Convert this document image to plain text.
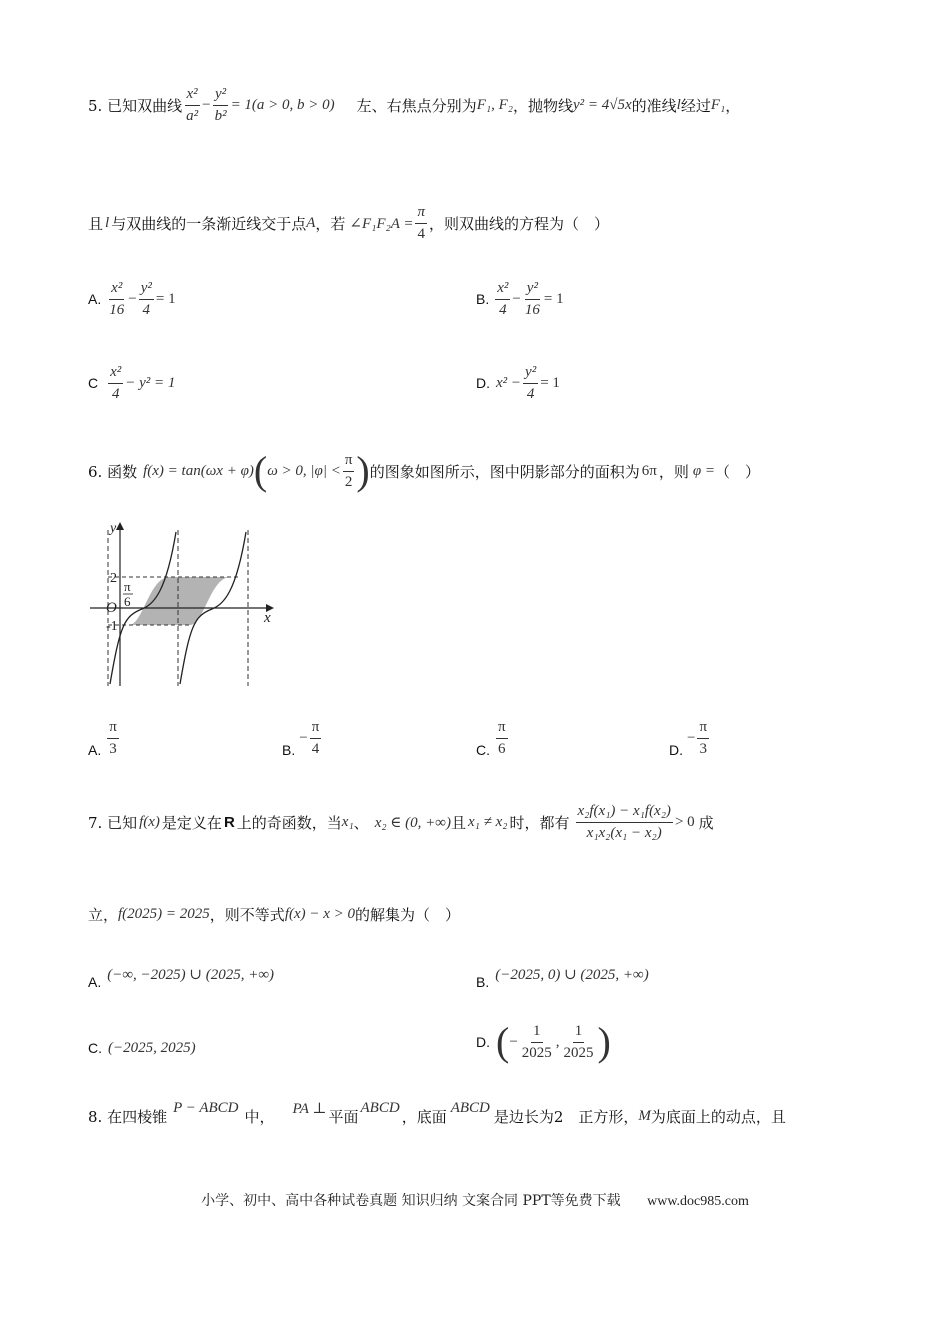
5. 已知双曲线 $\frac{\text{x²}}{\text{a²}} - \frac{\text{y²}}{\text{b²}} = 1(a > 0$, b > 0) 左、右焦点分别为 F₁, F₂ ，抛物线 y² = 4√5x 的准线 l 经过 F₁ ，
且 l 与双曲线的一条渐近线交于点 A ，若 ∠F₁F₂A = $\frac{\pi}{4}$ ，则双曲线的方程为（　）
A. $\frac{\text{x²}}{16} - \frac{\text{y²}}{4} = 1$	B. $\frac{\text{x²}}{4} - \frac{\text{y²}}{16} = 1$
C $\frac{\text{x²}}{4} - y^2 = 1$	D. $x^2 - \frac{\text{y²}}{4} = 1$
6. 函数 f(x) = tan(ωx + φ) ( ω > 0, $|\varphi| < \frac{\pi}{2}$ ) 的图象如图所示，图中阴影部分的面积为 6π ，则 φ = （　）
y
x
O
2
-1
π
6
A. $\frac{\pi}{3}$	B.
− $\frac{\pi}{4}$	C. $\frac{\pi}{6}$	D.
− $\frac{\pi}{3}$
7. 已知 f(x) 是定义在 R 上的奇函数，当 x₁ 、 x₂ ∈ (0, +∞) 且 x₁ ≠ x₂ 时，都有 $\frac{\text{x₂f(x₁) − x₁f(x₂)}}{\text{x₁x₂(x₁ − x₂)}} > 0$ 成
立， f(2025) = 2025 ，则不等式 f(x) − x > 0 的解集为（　）
A. (−∞, −2025) ∪ (2025, +∞)	B. (−2025, 0) ∪ (2025, +∞)
C. (−2025, 2025)	D. ( − $\frac{1}{2025}$ , $\frac{1}{2025}$ )
8. 在四棱锥 P − ABCD 中， PA ⊥ 平面 ABCD ，底面 ABCD 是边长为2　正方形， M 为底面上的动点，且
小学、初中、高中各种试卷真题 知识归纳 文案合同 PPT等免费下载 www.doc985.com
